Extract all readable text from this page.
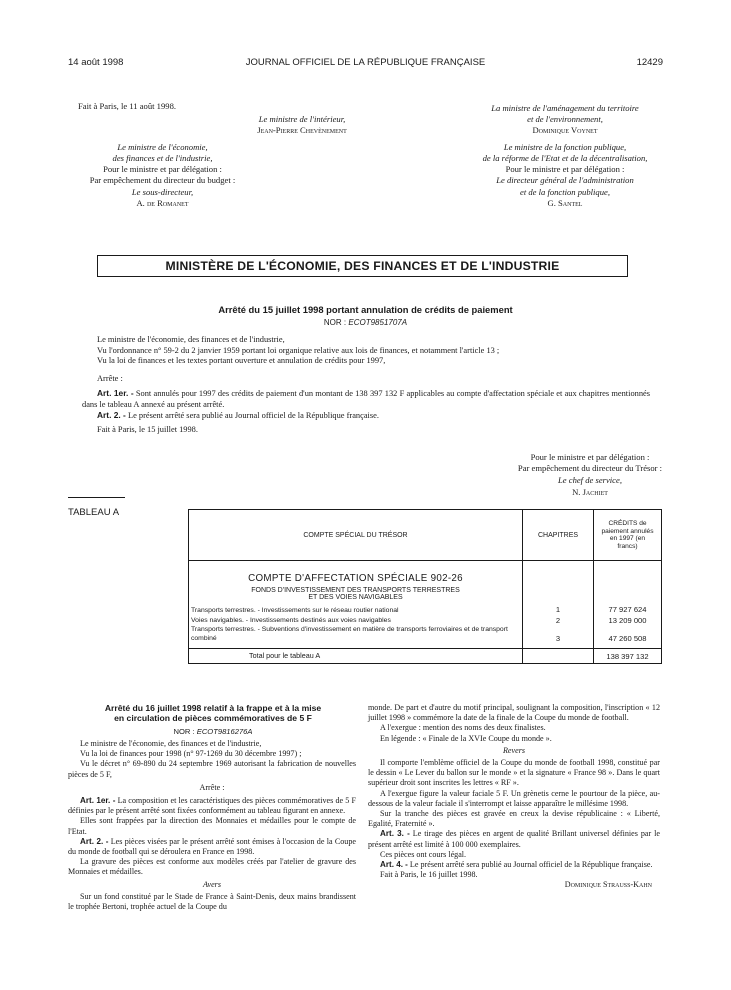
14 août 1998	JOURNAL OFFICIEL DE LA RÉPUBLIQUE FRANÇAISE	12429
Fait à Paris, le 11 août 1998.
Le ministre de l'intérieur,
Jean-Pierre Chevènement
Le ministre de l'économie,
des finances et de l'industrie,
Pour le ministre et par délégation :
Par empêchement du directeur du budget :
Le sous-directeur,
A. de Romanet
La ministre de l'aménagement du territoire
et de l'environnement,
Dominique Voynet
Le ministre de la fonction publique,
de la réforme de l'Etat et de la décentralisation,
Pour le ministre et par délégation :
Le directeur général de l'administration
et de la fonction publique,
G. Santel
MINISTÈRE DE L'ÉCONOMIE, DES FINANCES ET DE L'INDUSTRIE
Arrêté du 15 juillet 1998 portant annulation de crédits de paiement
NOR : ECOT9851707A

Le ministre de l'économie, des finances et de l'industrie,

Vu l'ordonnance n° 59-2 du 2 janvier 1959 portant loi organique relative aux lois de finances, et notamment l'article 13 ;

Vu la loi de finances et les textes portant ouverture et annulation de crédits pour 1997,

Arrête :

Art. 1er. - Sont annulés pour 1997 des crédits de paiement d'un montant de 138 397 132 F applicables au compte d'affectation spéciale et aux chapitres mentionnés dans le tableau A annexé au présent arrêté.

Art. 2. - Le présent arrêté sera publié au Journal officiel de la République française.

Fait à Paris, le 15 juillet 1998.

Pour le ministre et par délégation :
Par empêchement du directeur du Trésor :
Le chef de service,
N. Jachiet
TABLEAU A
COMPTE SPÉCIAL DU TRÉSOR	CHAPITRES	CRÉDITS de paiement annulés en 1997 (en francs)

COMPTE D'AFFECTATION SPÉCIALE 902-26
FONDS D'INVESTISSEMENT DES TRANSPORTS TERRESTRES
ET DES VOIES NAVIGABLES		

Transports terrestres. - Investissements sur le réseau routier national	1	77 927 624
Voies navigables. - Investissements destinés aux voies navigables	2	13 209 000
Transports terrestres. - Subventions d'investissement en matière de transports ferroviaires et de transport combiné	3	47 260 508
Total pour le tableau A		138 397 132
Arrêté du 16 juillet 1998 relatif à la frappe et à la mise
en circulation de pièces commémoratives de 5 F
NOR : ECOT9816276A

Le ministre de l'économie, des finances et de l'industrie,

Vu la loi de finances pour 1998 (n° 97-1269 du 30 décembre 1997) ;

Vu le décret n° 69-890 du 24 septembre 1969 autorisant la fabrication de nouvelles pièces de 5 F,

Arrête :

Art. 1er. - La composition et les caractéristiques des pièces commémoratives de 5 F définies par le présent arrêté sont fixées conformément au tableau figurant en annexe.

Elles sont frappées par la direction des Monnaies et médailles pour le compte de l'Etat.

Art. 2. - Les pièces visées par le présent arrêté sont émises à l'occasion de la Coupe du monde de football qui se déroulera en France en 1998.

La gravure des pièces est conforme aux modèles créés par l'atelier de gravure des Monnaies et médailles.

Avers

Sur un fond constitué par le Stade de France à Saint-Denis, deux mains brandissent le trophée Bertoni, trophée actuel de la Coupe du

monde. De part et d'autre du motif principal, soulignant la composition, l'inscription « 12 juillet 1998 » commémore la date de la finale de la Coupe du monde de football.

A l'exergue : mention des noms des deux finalistes.

En légende : « Finale de la XVIe Coupe du monde ».

Revers

Il comporte l'emblème officiel de la Coupe du monde de football 1998, constitué par le dessin « Le Lever du ballon sur le monde » et la signature « France 98 ». Dans le quart supérieur droit sont inscrites les lettres « RF ».

A l'exergue figure la valeur faciale 5 F. Un grènetis cerne le pourtour de la pièce, au-dessous de la valeur faciale il s'interrompt et laisse apparaître le millésime 1998.

Sur la tranche des pièces est gravée en creux la devise républicaine : « Liberté, Egalité, Fraternité ».

Art. 3. - Le tirage des pièces en argent de qualité Brillant universel définies par le présent arrêté est limité à 100 000 exemplaires.

Ces pièces ont cours légal.

Art. 4. - Le présent arrêté sera publié au Journal officiel de la République française.

Fait à Paris, le 16 juillet 1998.

Dominique Strauss-Kahn
